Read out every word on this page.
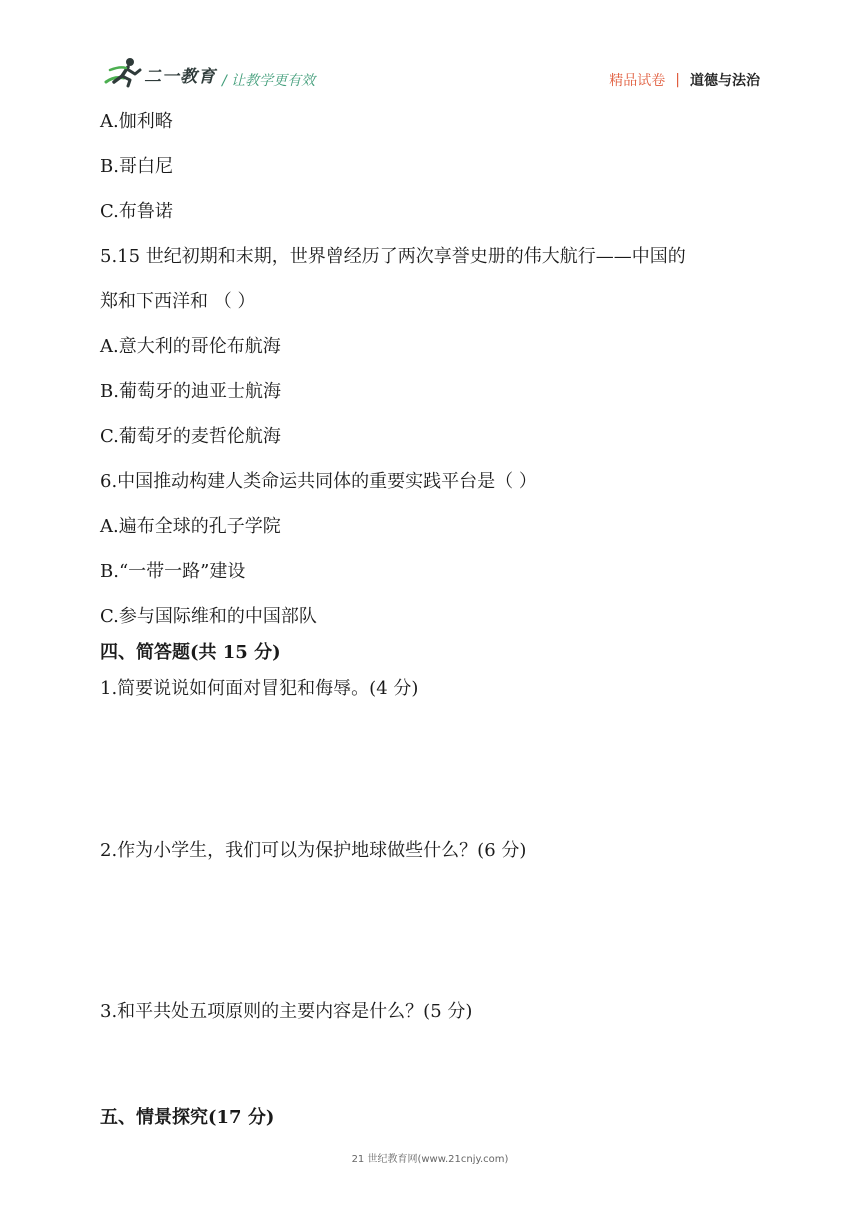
二一教育 / 让教学更有效	精品试卷 | 道德与法治
A.伽利略
B.哥白尼
C.布鲁诺
5.15 世纪初期和末期，世界曾经历了两次享誉史册的伟大航行——中国的
郑和下西洋和 （ ）
A.意大利的哥伦布航海
B.葡萄牙的迪亚士航海
C.葡萄牙的麦哲伦航海
6.中国推动构建人类命运共同体的重要实践平台是（ ）
A.遍布全球的孔子学院
B.“一带一路”建设
C.参与国际维和的中国部队
四、简答题(共 15 分)
1.简要说说如何面对冒犯和侮辱。(4 分)
2.作为小学生，我们可以为保护地球做些什么？(6 分)
3.和平共处五项原则的主要内容是什么？(5 分)
五、情景探究(17 分)
21 世纪教育网(www.21cnjy.com)
